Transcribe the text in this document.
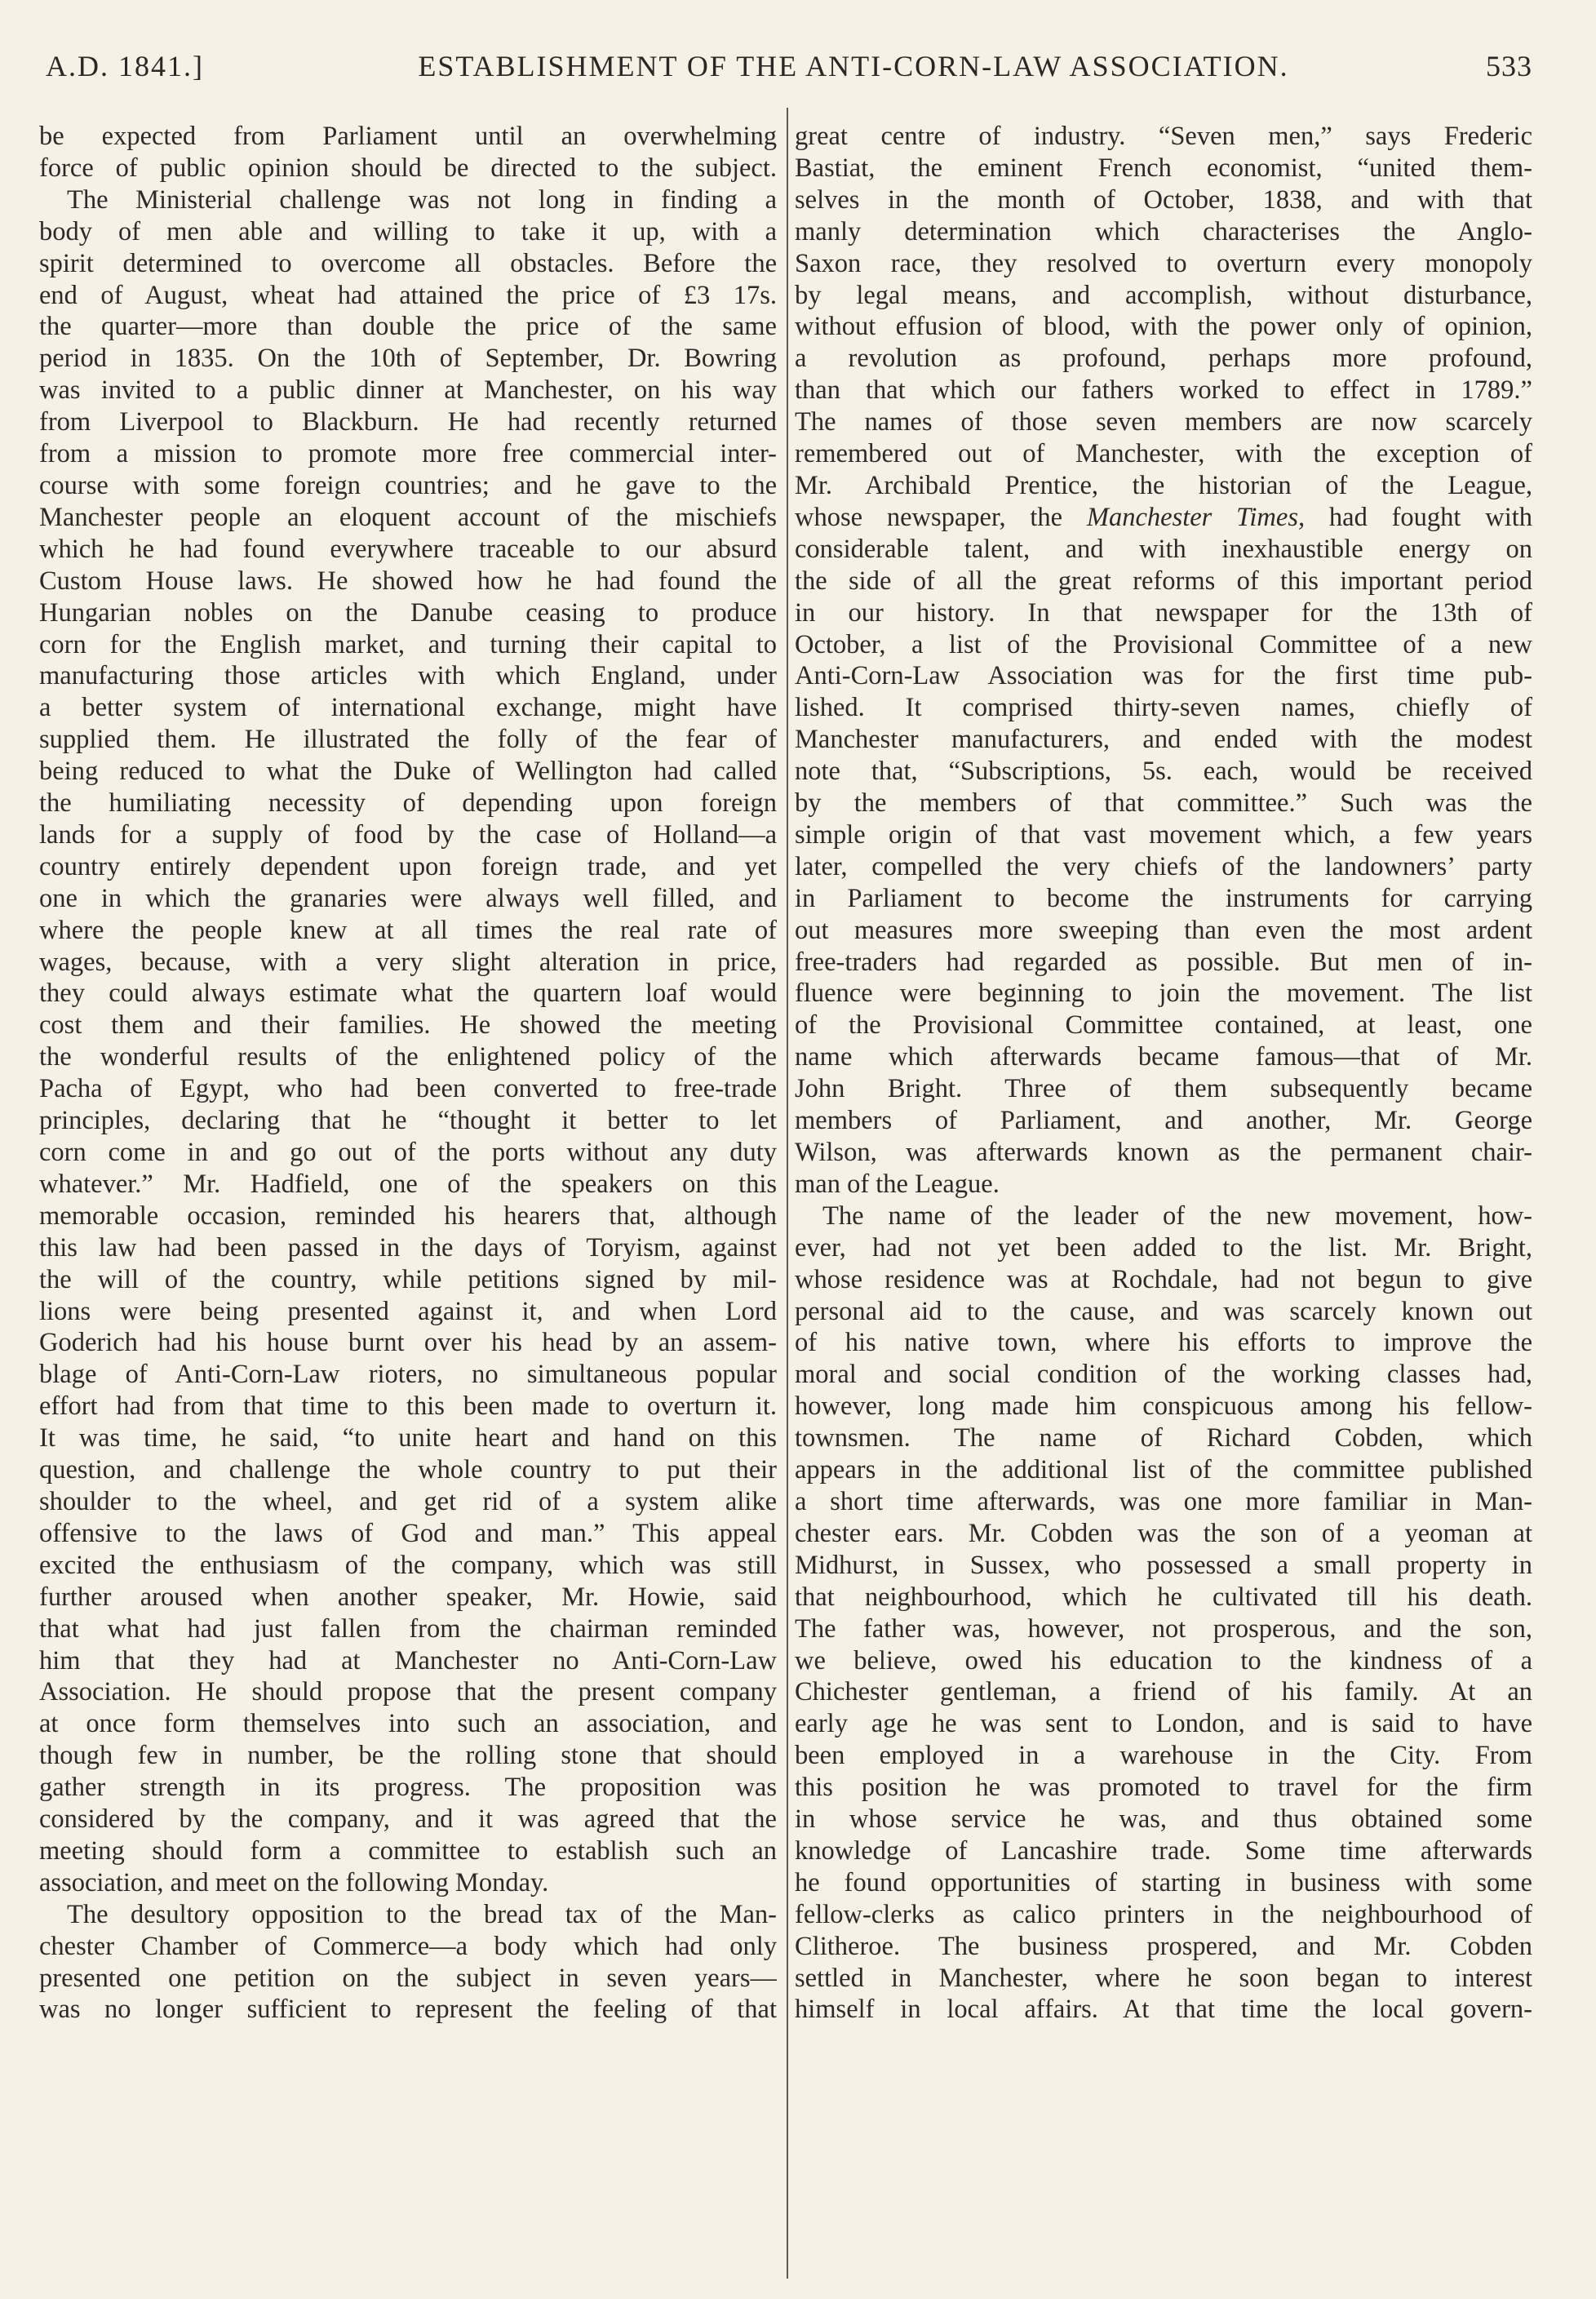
A.D. 1841.]	ESTABLISHMENT OF THE ANTI-CORN-LAW ASSOCIATION.	533
be expected from Parliament until an overwhelming
force of public opinion should be directed to the subject.
The Ministerial challenge was not long in finding a
body of men able and willing to take it up, with a
spirit determined to overcome all obstacles. Before the
end of August, wheat had attained the price of £3 17s.
the quarter—more than double the price of the same
period in 1835. On the 10th of September, Dr. Bowring
was invited to a public dinner at Manchester, on his way
from Liverpool to Blackburn. He had recently returned
from a mission to promote more free commercial inter-
course with some foreign countries; and he gave to the
Manchester people an eloquent account of the mischiefs
which he had found everywhere traceable to our absurd
Custom House laws. He showed how he had found the
Hungarian nobles on the Danube ceasing to produce
corn for the English market, and turning their capital to
manufacturing those articles with which England, under
a better system of international exchange, might have
supplied them. He illustrated the folly of the fear of
being reduced to what the Duke of Wellington had called
the humiliating necessity of depending upon foreign
lands for a supply of food by the case of Holland—a
country entirely dependent upon foreign trade, and yet
one in which the granaries were always well filled, and
where the people knew at all times the real rate of
wages, because, with a very slight alteration in price,
they could always estimate what the quartern loaf would
cost them and their families. He showed the meeting
the wonderful results of the enlightened policy of the
Pacha of Egypt, who had been converted to free-trade
principles, declaring that he “thought it better to let
corn come in and go out of the ports without any duty
whatever.” Mr. Hadfield, one of the speakers on this
memorable occasion, reminded his hearers that, although
this law had been passed in the days of Toryism, against
the will of the country, while petitions signed by mil-
lions were being presented against it, and when Lord
Goderich had his house burnt over his head by an assem-
blage of Anti-Corn-Law rioters, no simultaneous popular
effort had from that time to this been made to overturn it.
It was time, he said, “to unite heart and hand on this
question, and challenge the whole country to put their
shoulder to the wheel, and get rid of a system alike
offensive to the laws of God and man.” This appeal
excited the enthusiasm of the company, which was still
further aroused when another speaker, Mr. Howie, said
that what had just fallen from the chairman reminded
him that they had at Manchester no Anti-Corn-Law
Association. He should propose that the present company
at once form themselves into such an association, and
though few in number, be the rolling stone that should
gather strength in its progress. The proposition was
considered by the company, and it was agreed that the
meeting should form a committee to establish such an
association, and meet on the following Monday.
The desultory opposition to the bread tax of the Man-
chester Chamber of Commerce—a body which had only
presented one petition on the subject in seven years—
was no longer sufficient to represent the feeling of that
great centre of industry. “Seven men,” says Frederic
Bastiat, the eminent French economist, “united them-
selves in the month of October, 1838, and with that
manly determination which characterises the Anglo-
Saxon race, they resolved to overturn every monopoly
by legal means, and accomplish, without disturbance,
without effusion of blood, with the power only of opinion,
a revolution as profound, perhaps more profound,
than that which our fathers worked to effect in 1789.”
The names of those seven members are now scarcely
remembered out of Manchester, with the exception of
Mr. Archibald Prentice, the historian of the League,
whose newspaper, the Manchester Times, had fought with
considerable talent, and with inexhaustible energy on
the side of all the great reforms of this important period
in our history. In that newspaper for the 13th of
October, a list of the Provisional Committee of a new
Anti-Corn-Law Association was for the first time pub-
lished. It comprised thirty-seven names, chiefly of
Manchester manufacturers, and ended with the modest
note that, “Subscriptions, 5s. each, would be received
by the members of that committee.” Such was the
simple origin of that vast movement which, a few years
later, compelled the very chiefs of the landowners’ party
in Parliament to become the instruments for carrying
out measures more sweeping than even the most ardent
free-traders had regarded as possible. But men of in-
fluence were beginning to join the movement. The list
of the Provisional Committee contained, at least, one
name which afterwards became famous—that of Mr.
John Bright. Three of them subsequently became
members of Parliament, and another, Mr. George
Wilson, was afterwards known as the permanent chair-
man of the League.
The name of the leader of the new movement, how-
ever, had not yet been added to the list. Mr. Bright,
whose residence was at Rochdale, had not begun to give
personal aid to the cause, and was scarcely known out
of his native town, where his efforts to improve the
moral and social condition of the working classes had,
however, long made him conspicuous among his fellow-
townsmen. The name of Richard Cobden, which
appears in the additional list of the committee published
a short time afterwards, was one more familiar in Man-
chester ears. Mr. Cobden was the son of a yeoman at
Midhurst, in Sussex, who possessed a small property in
that neighbourhood, which he cultivated till his death.
The father was, however, not prosperous, and the son,
we believe, owed his education to the kindness of a
Chichester gentleman, a friend of his family. At an
early age he was sent to London, and is said to have
been employed in a warehouse in the City. From
this position he was promoted to travel for the firm
in whose service he was, and thus obtained some
knowledge of Lancashire trade. Some time afterwards
he found opportunities of starting in business with some
fellow-clerks as calico printers in the neighbourhood of
Clitheroe. The business prospered, and Mr. Cobden
settled in Manchester, where he soon began to interest
himself in local affairs. At that time the local govern-
